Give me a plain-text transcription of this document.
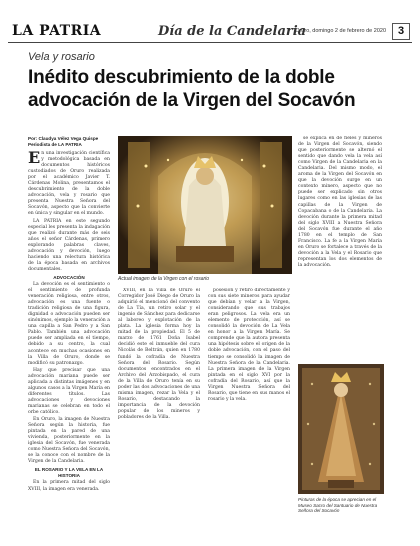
LA PATRIA	Día de la Candelaria
Oruro, domingo 2 de febrero de 2020	3
Vela y rosario
Inédito descubrimiento de la doble advocación de la Virgen del Socavón
Por: Claudya Vélez Vega Quispe
Periodista de LA PATRIA

En una investigación científica y metodológica basada en documentos históricos custodiados de Oruro realizada por el académico Javier T. Cárdenas Molina, presentamos el descubrimiento de la doble advocación, vela y rosario que presenta Nuestra Señora del Socavón, aspecto que la convierte en única y singular en el mundo.

LA PATRIA en este segundo especial les presenta la indagación que realizó durante más de seis años el señor Cárdenas, primero explorando palabras claves, advocación y devoción, luego haciendo una relectura histórica de la época basada en archivos documentales.

ADVOCACIÓN

La devoción es el sentimiento o el sentimiento de profunda veneración religiosa, entre otros, advocación es una fuente o tradición religiosa de una figura, dignidad o advocación pueden ser sinónimos, ejemplo la veneración a una capilla a San Pedro y a San Pablo. También una advocación puede ser ampliada en el tiempo, debido a su centro, la cual acontece en muchas ocasiones en la Villa de Oruro, donde se modificó su patronazgo.

Hay que precisar que una advocación mariana puede ser aplicada a distintas imágenes y en algunos casos a la Virgen María en diferentes títulos. Las advocaciones y devociones marianas se celebran en todo el orbe católico.

En Oruro, la imagen de Nuestra Señora según la historia, fue pintada en la pared de una vivienda, posteriormente en la iglesia del Socavón, fue venerada como Nuestra Señora del Socavón, se la conoce con el nombre de la Virgen de la Candelaria.

EL ROSARIO Y LA VELA EN LA HISTORIA

En la primera mitad del siglo XVIII, la imagen era venerada.

Actual imagen de la Virgen con el rosario

XVIII, en la Villa de Oruro el Corregidor José Diego de Oruro la adquirió el mencionó del convento de La Tía, un retiro solar y el ingenio de Sánchez para dedicarse al laboreo y explotación de la plata. La iglesia forma hoy la mitad de la propiedad. El 5 de marzo de 1761 Doña Isabel decidió este el inmueble del cura Nicolás de Beltrán, quien en 1780 fundó la cofradía de Nuestra Señora del Rosario. Según documentos encontrados en el Archivo del Arzobispado, el cura de la Villa de Oruro tenía en su poder las dos advocaciones de una misma imagen, rezar la Vela y el Rosario, destacando la importancia de la devoción popular de los mineros y pobladores de la Villa.

posesión y retiro directamente y con sus siete mineros para ayudar que debían y velar a la Virgen, considerando que sus trabajos eran peligrosos. La vela era un elemento de protección, así se consolidó la devoción de La Vela en honor a la Virgen María. Se comprende que la autora presenta una hipótesis sobre el origen de la doble advocación, con el paso del tiempo se consolidó la imagen de Nuestra Señora de la Candelaria. La primera imagen de la Virgen pintada en el siglo XVI por la cofradía del Rosario, así que la Virgen Nuestra Señora del Rosario, que tiene en sus manos el rosario y la vela.

se explica en de fieles y mineros de la Virgen del Socavón, siendo que posteriormente se alternó el sentido que dando vela la vela así como Virgen de la Candelaria en la Candelaria. Del mismo modo, el aroma de la Virgen del Socavón en que la devoción surge en un contexto minero, aspecto que no puede ser explicado sin otros lugares como en las iglesias de las capillas de la Virgen de Copacabana o de la Candelaria. La devoción durante la primera mitad del siglo XVIII a Nuestra Señora del Socavón fue durante el año 1780 en el templo de San Francisco. La fe a la Virgen María en Oruro se fortalece a través de la devoción a la Vela y el Rosario que representan los dos elementos de la advocación.

Pinturas de la época se aprecian en el Museo Sacro del Santuario de Nuestra Señora del Socavón
